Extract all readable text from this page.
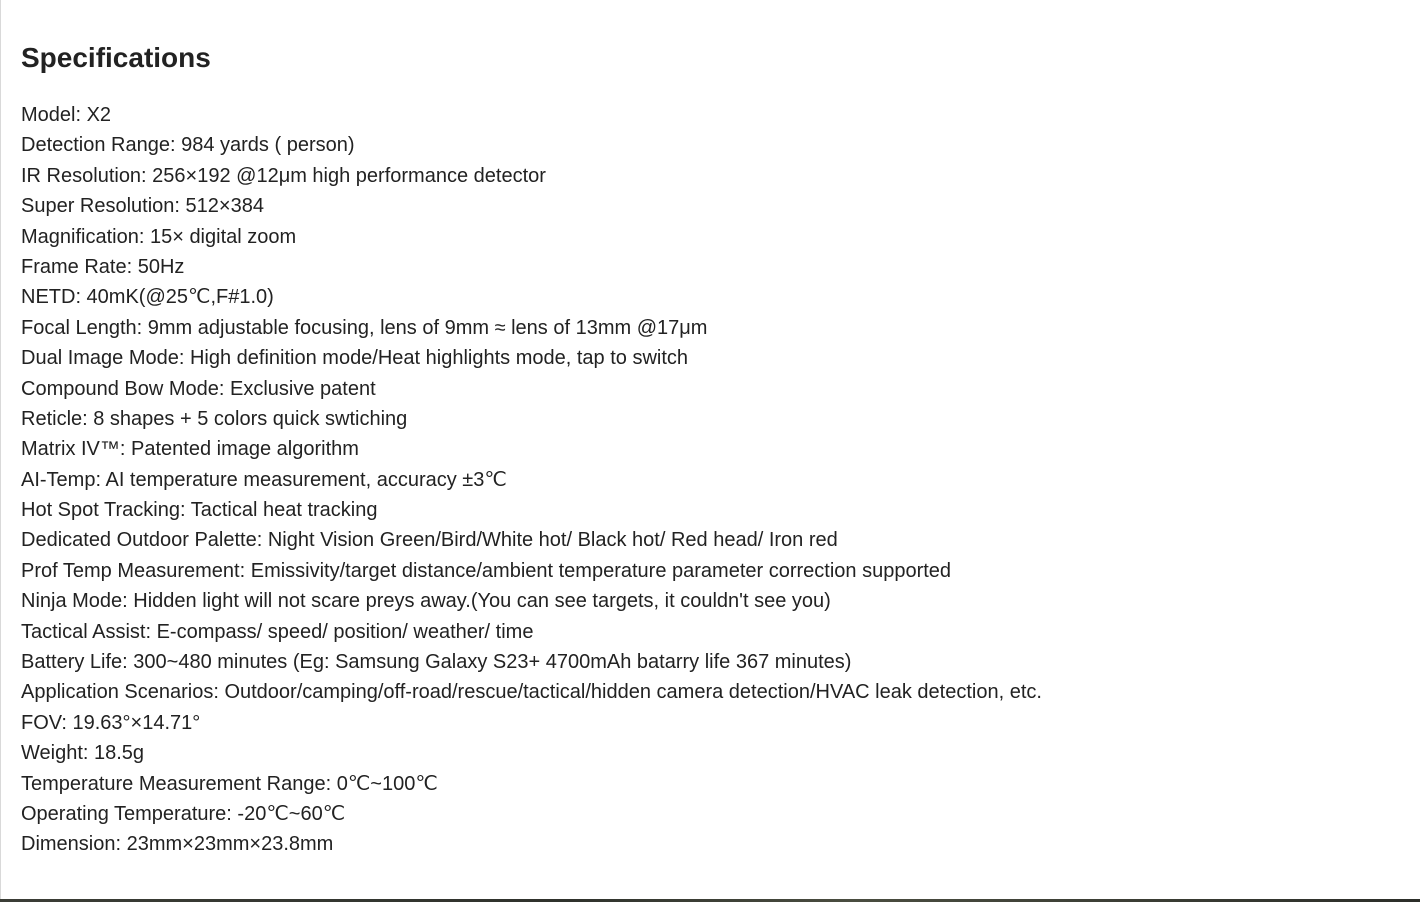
Specifications
Model: X2
Detection Range: 984 yards ( person)
IR Resolution: 256×192 @12μm high performance detector
Super Resolution: 512×384
Magnification: 15× digital zoom
Frame Rate: 50Hz
NETD: 40mK(@25℃,F#1.0)
Focal Length: 9mm adjustable focusing, lens of 9mm ≈ lens of 13mm @17μm
Dual Image Mode: High definition mode/Heat highlights mode, tap to switch
Compound Bow Mode: Exclusive patent
Reticle: 8 shapes + 5 colors quick swtiching
Matrix IV™: Patented image algorithm
AI-Temp: AI temperature measurement, accuracy ±3℃
Hot Spot Tracking: Tactical heat tracking
Dedicated Outdoor Palette: Night Vision Green/Bird/White hot/ Black hot/ Red head/ Iron red
Prof Temp Measurement: Emissivity/target distance/ambient temperature parameter correction supported
Ninja Mode: Hidden light will not scare preys away.(You can see targets, it couldn't see you)
Tactical Assist: E-compass/ speed/ position/ weather/ time
Battery Life: 300~480 minutes (Eg: Samsung Galaxy S23+ 4700mAh batarry life 367 minutes)
Application Scenarios: Outdoor/camping/off-road/rescue/tactical/hidden camera detection/HVAC leak detection, etc.
FOV: 19.63°×14.71°
Weight: 18.5g
Temperature Measurement Range: 0℃~100℃
Operating Temperature: -20℃~60℃
Dimension: 23mm×23mm×23.8mm
